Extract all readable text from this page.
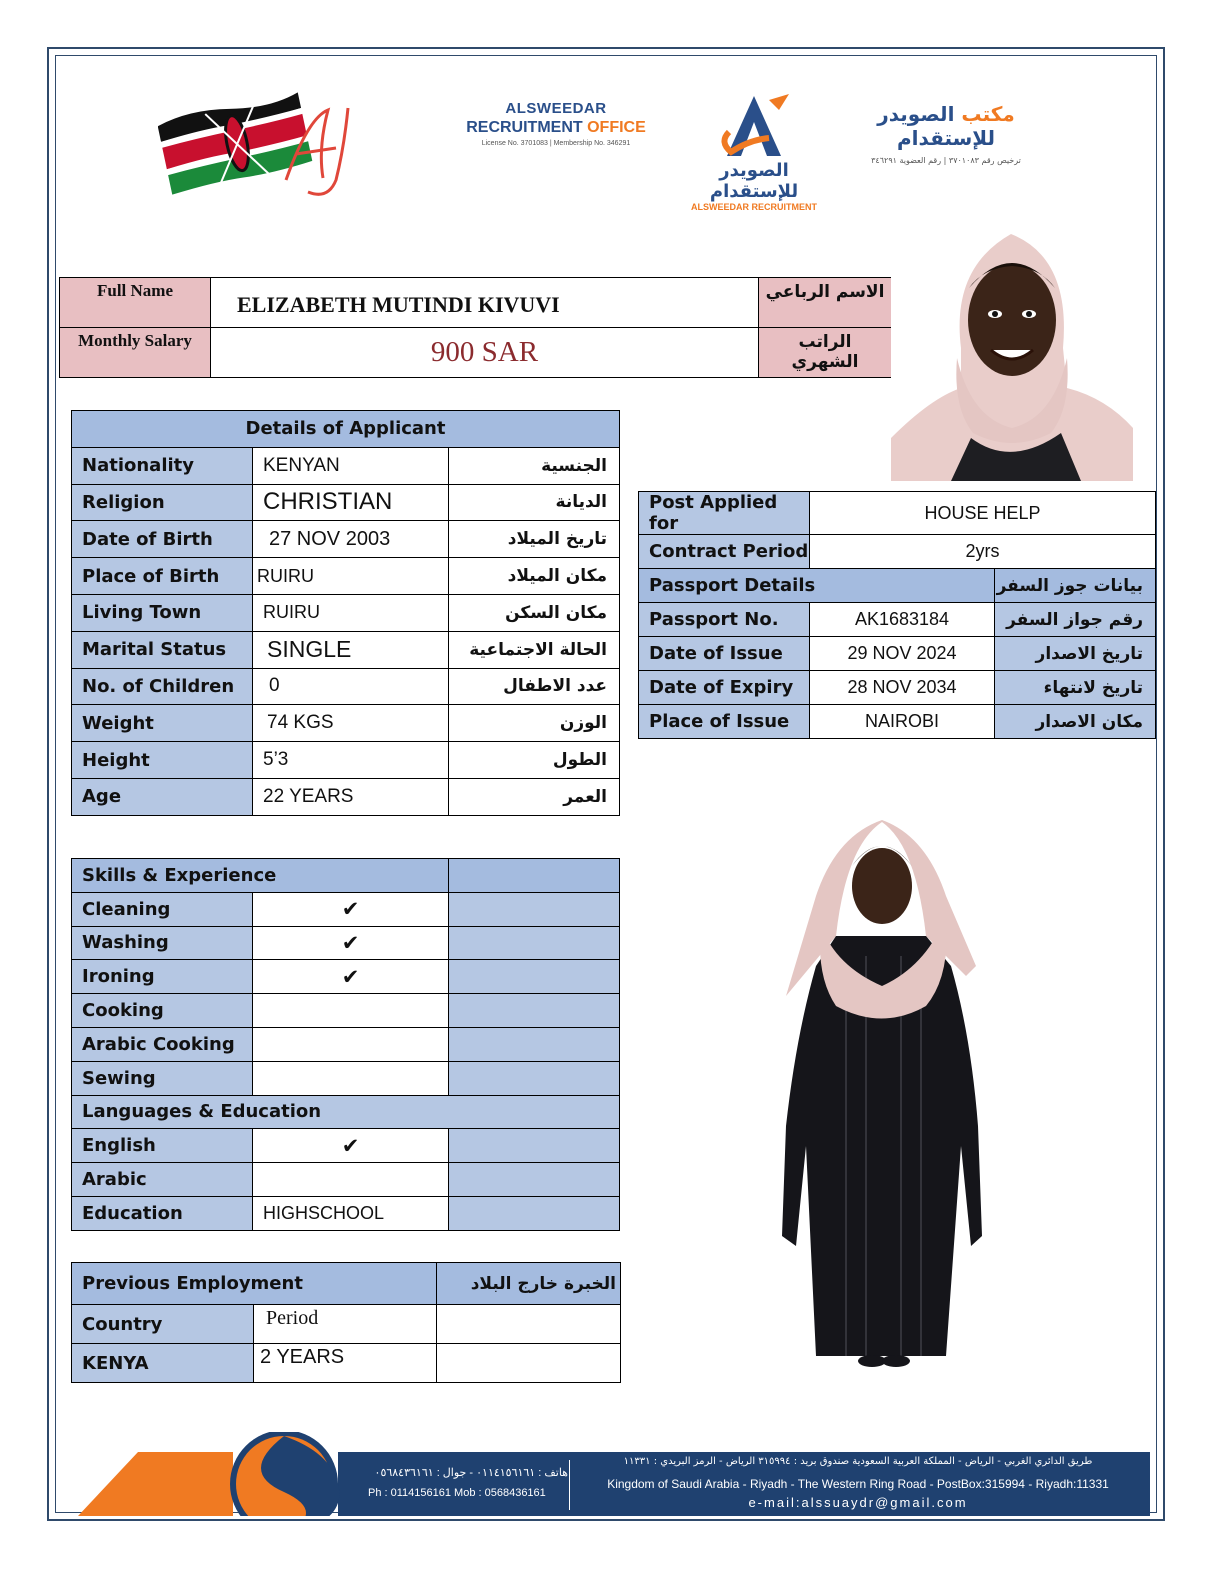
ALSWEEDAR
RECRUITMENT OFFICE
License No. 3701083 | Membership No. 346291
الصويدر للإستقدام
ALSWEEDAR RECRUITMENT
مكتب الصويدر للإستقدام
ترخيص رقم ٣٧٠١٠٨٣ | رقم العضوية ٣٤٦٢٩١
Full Name	ELIZABETH MUTINDI KIVUVI	الاسم الرباعي
Monthly Salary	900 SAR	الراتب الشهري
Details of Applicant		
Nationality	KENYAN	الجنسية
Religion	CHRISTIAN	الديانة
Date of Birth	27 NOV 2003	تاريخ الميلاد
Place of Birth	RUIRU	مكان الميلاد
Living Town	RUIRU	مكان السكن
Marital Status	SINGLE	الحالة الاجتماعية
No. of Children	0	عدد الاطفال
Weight	74 KGS	الوزن
Height	5’3	الطول
Age	22 YEARS	العمر
Post Applied for	HOUSE HELP	
Contract Period	2yrs	
Passport Details		بيانات جوز السفر
Passport No.	AK1683184	رقم جواز السفر
Date of Issue	29 NOV 2024	تاريخ الاصدار
Date of Expiry	28 NOV 2034	تاريخ لانتهاء
Place of Issue	NAIROBI	مكان الاصدار
Skills & Experience		
Cleaning	✔	
Washing	✔	
Ironing	✔	
Cooking		
Arabic Cooking		
Sewing		
Languages & Education		
English	✔	
Arabic		
Education	HIGHSCHOOL	
Previous Employment		الخبرة خارج البلاد
Country	Period	
KENYA	2 YEARS	
هاتف : ٠١١٤١٥٦١٦١ - جوال : ٠٥٦٨٤٣٦١٦١
Ph : 0114156161 Mob : 0568436161
طريق الدائري الغربي - الرياض - المملكة العربية السعودية صندوق بريد : ٣١٥٩٩٤ الرياض - الرمز البريدي : ١١٣٣١
Kingdom of Saudi Arabia - Riyadh - The Western Ring Road - PostBox:315994 - Riyadh:11331
e-mail:alssuaydr@gmail.com
